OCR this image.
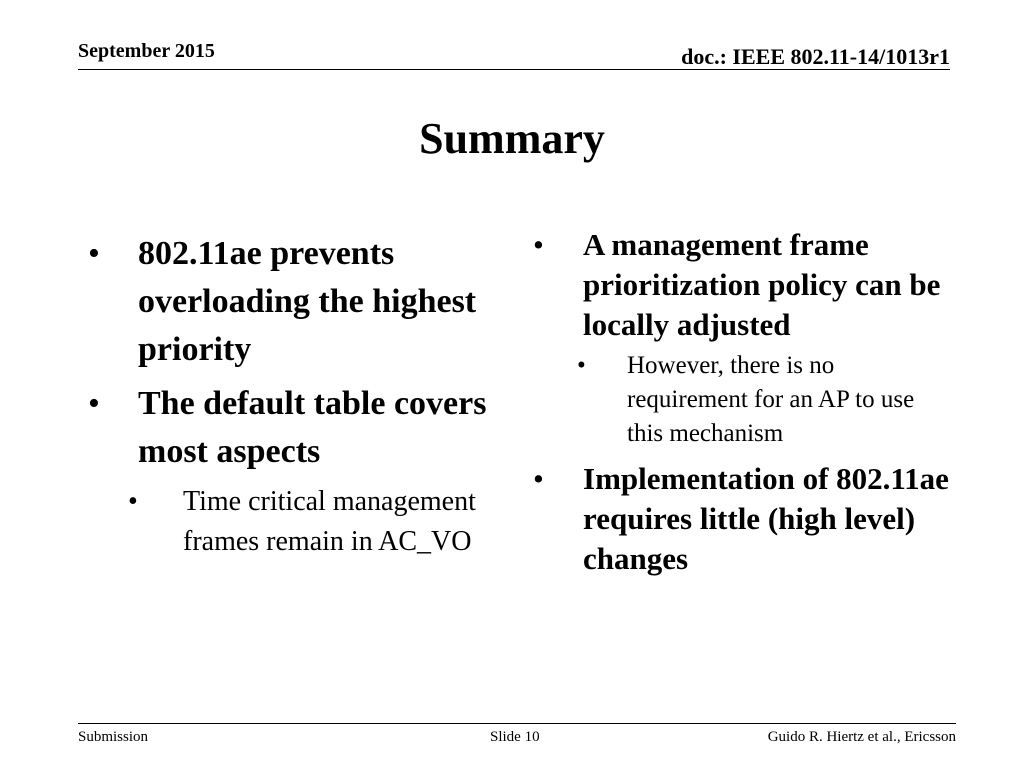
September 2015	doc.: IEEE 802.11-14/1013r1
Summary
• 802.11ae prevents overloading the highest priority
• The default table covers most aspects
• Time critical management frames remain in AC_VO
• A management frame prioritization policy can be locally adjusted
• However, there is no requirement for an AP to use this mechanism
• Implementation of 802.11ae requires little (high level) changes
Submission	Slide 10	Guido R. Hiertz et al., Ericsson
